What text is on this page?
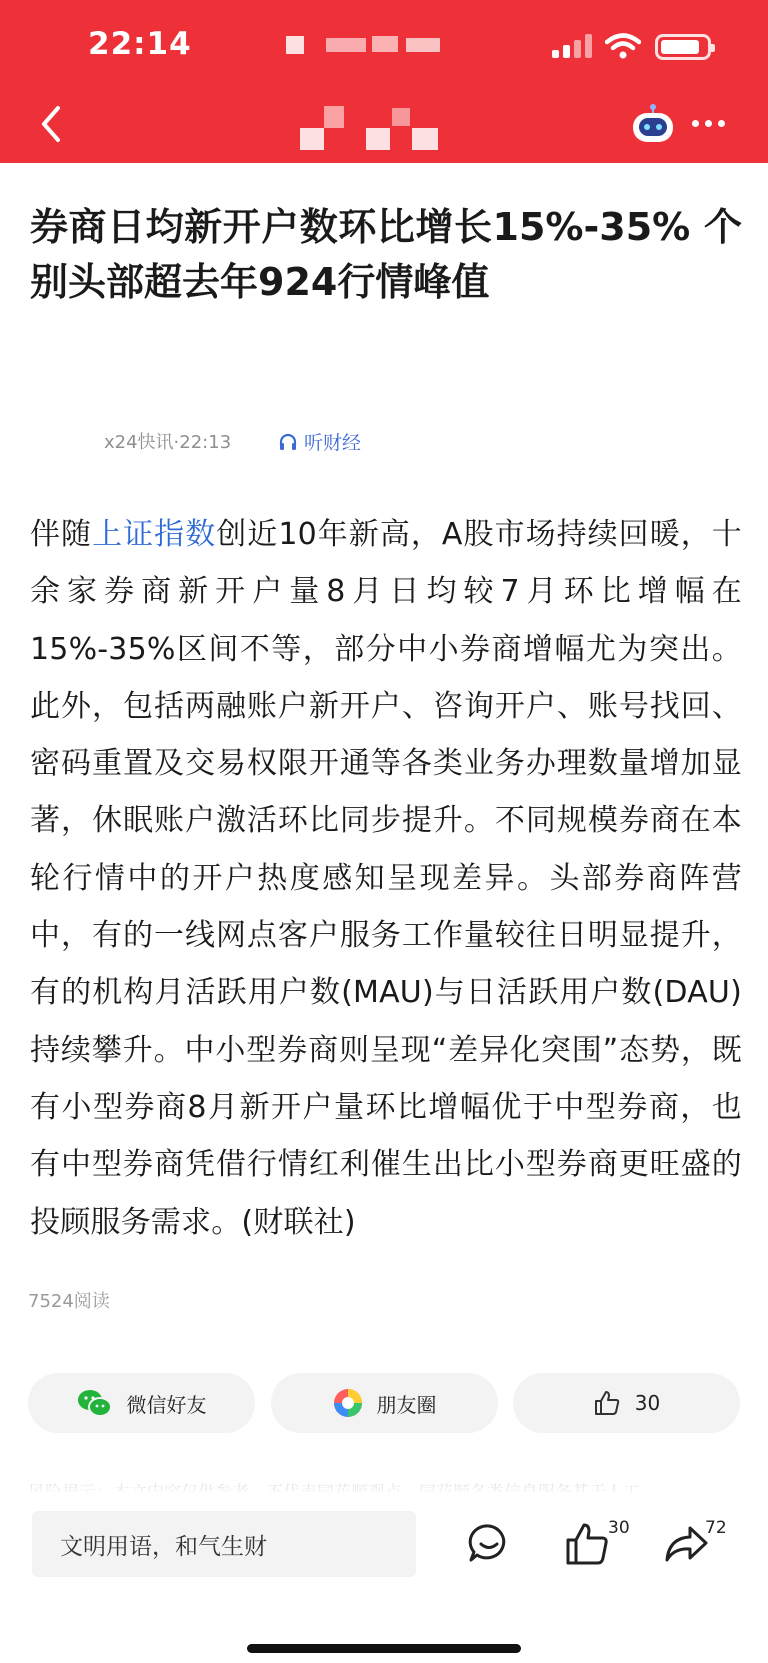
22:14
券商日均新开户数环比增长15%-35% 个别头部超去年924行情峰值
x24快讯·22:13	听财经
伴随上证指数创近10年新高，A股市场持续回暖，十余家券商新开户量8月日均较7月环比增幅在15%-35%区间不等，部分中小券商增幅尤为突出。此外，包括两融账户新开户、咨询开户、账号找回、密码重置及交易权限开通等各类业务办理数量增加显著，休眠账户激活环比同步提升。不同规模券商在本轮行情中的开户热度感知呈现差异。头部券商阵营中，有的一线网点客户服务工作量较往日明显提升，有的机构月活跃用户数(MAU)与日活跃用户数(DAU)持续攀升。中小型券商则呈现“差异化突围”态势，既有小型券商8月新开户量环比增幅优于中型券商，也有中型券商凭借行情红利催生出比小型券商更旺盛的投顾服务需求。(财联社)
7524阅读
微信好友	朋友圈	30
文明用语，和气生财
30	72
